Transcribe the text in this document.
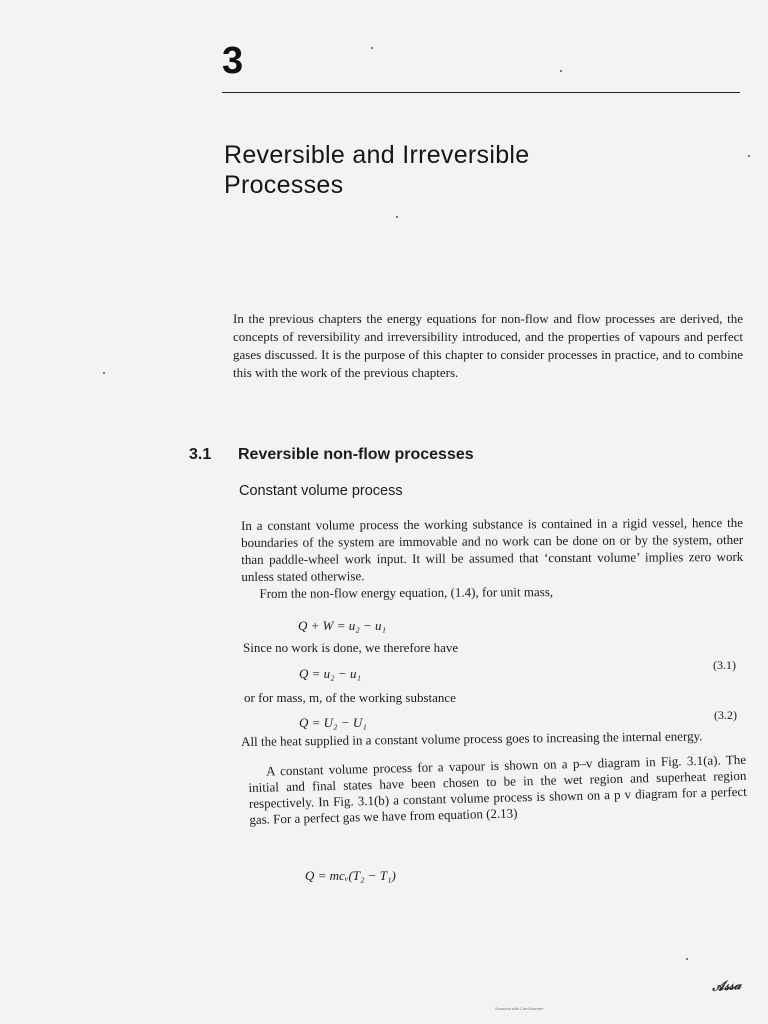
3
Reversible and Irreversible
Processes
In the previous chapters the energy equations for non-flow and flow processes are derived, the concepts of reversibility and irreversibility introduced, and the properties of vapours and perfect gases discussed. It is the purpose of this chapter to consider processes in practice, and to combine this with the work of the previous chapters.
3.1 Reversible non-flow processes
Constant volume process
In a constant volume process the working substance is contained in a rigid vessel, hence the boundaries of the system are immovable and no work can be done on or by the system, other than paddle-wheel work input. It will be assumed that ‘constant volume’ implies zero work unless stated otherwise.
From the non-flow energy equation, (1.4), for unit mass,
Q + W = u₂ − u₁
Since no work is done, we therefore have
Q = u₂ − u₁
(3.1)
or for mass, m, of the working substance
Q = U₂ − U₁	(3.2)
All the heat supplied in a constant volume process goes to increasing the internal energy.
A constant volume process for a vapour is shown on a p–v diagram in Fig. 3.1(a). The initial and final states have been chosen to be in the wet region and superheat region respectively. In Fig. 3.1(b) a constant volume process is shown on a p v diagram for a perfect gas. For a perfect gas we have from equation (2.13)
Q = mcᵥ(T₂ − T₁)
Scanned with CamScanner
𝒜𝓈𝓈𝒶
